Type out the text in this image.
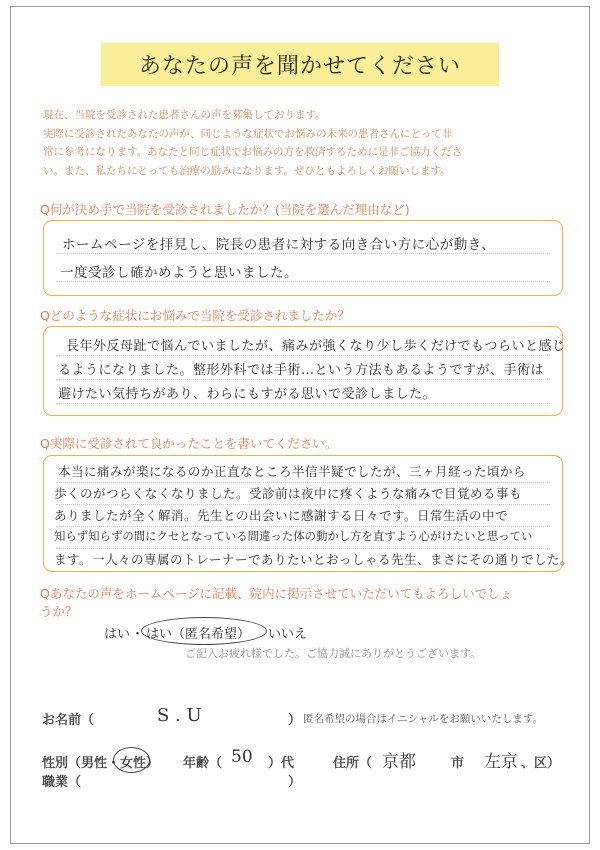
あなたの声を聞かせてください

現在、当院を受診された患者さんの声を募集しております。

実際に受診されたあなたの声が、同じような症状でお悩みの未来の患者さんにとって非

常に参考になります。あなたと同じ症状でお悩みの方を救済するために是非ご協力くださ

い。また、私たちにとっても治療の励みになります。ぜひともよろしくお願いします。

Q何が決め手で当院を受診されましたか？(当院を選んだ理由など)
ホームページを拝見し、院長の患者に対する向き合い方に心が動き、
一度受診し確かめようと思いました。
Qどのような症状にお悩みで当院を受診されましたか？
長年外反母趾で悩んでいましたが、痛みが強くなり少し歩くだけでもつらいと感じ
るようになりました。整形外科では手術…という方法もあるようですが、手術は
避けたい気持ちがあり、わらにもすがる思いで受診しました。
Q実際に受診されて良かったことを書いてください。
本当に痛みが楽になるのか正直なところ半信半疑でしたが、三ヶ月経った頃から
歩くのがつらくなくなりました。受診前は夜中に疼くような痛みで目覚める事も
ありましたが全く解消。先生との出会いに感謝する日々です。日常生活の中で
知らず知らずの間にクセとなっている間違った体の動かし方を直すよう心がけたいと思ってい
ます。一人々の専属のトレーナーでありたいとおっしゃる先生、まさにその通りでした。
Qあなたの声をホームページに記載、院内に掲示させていただいてもよろしいでしょ
うか？
はい ・ はい（匿名希望） いいえ
ご記入お疲れ様でした。ご協力誠にありがとうございます。
お名前（	S . U	） 匿名希望の場合はイニシャルをお願いいたします。
性別（男性・女性） 年齢（ 50 ）代	住所（ 京都	市 左京 、区）
職業（	）
